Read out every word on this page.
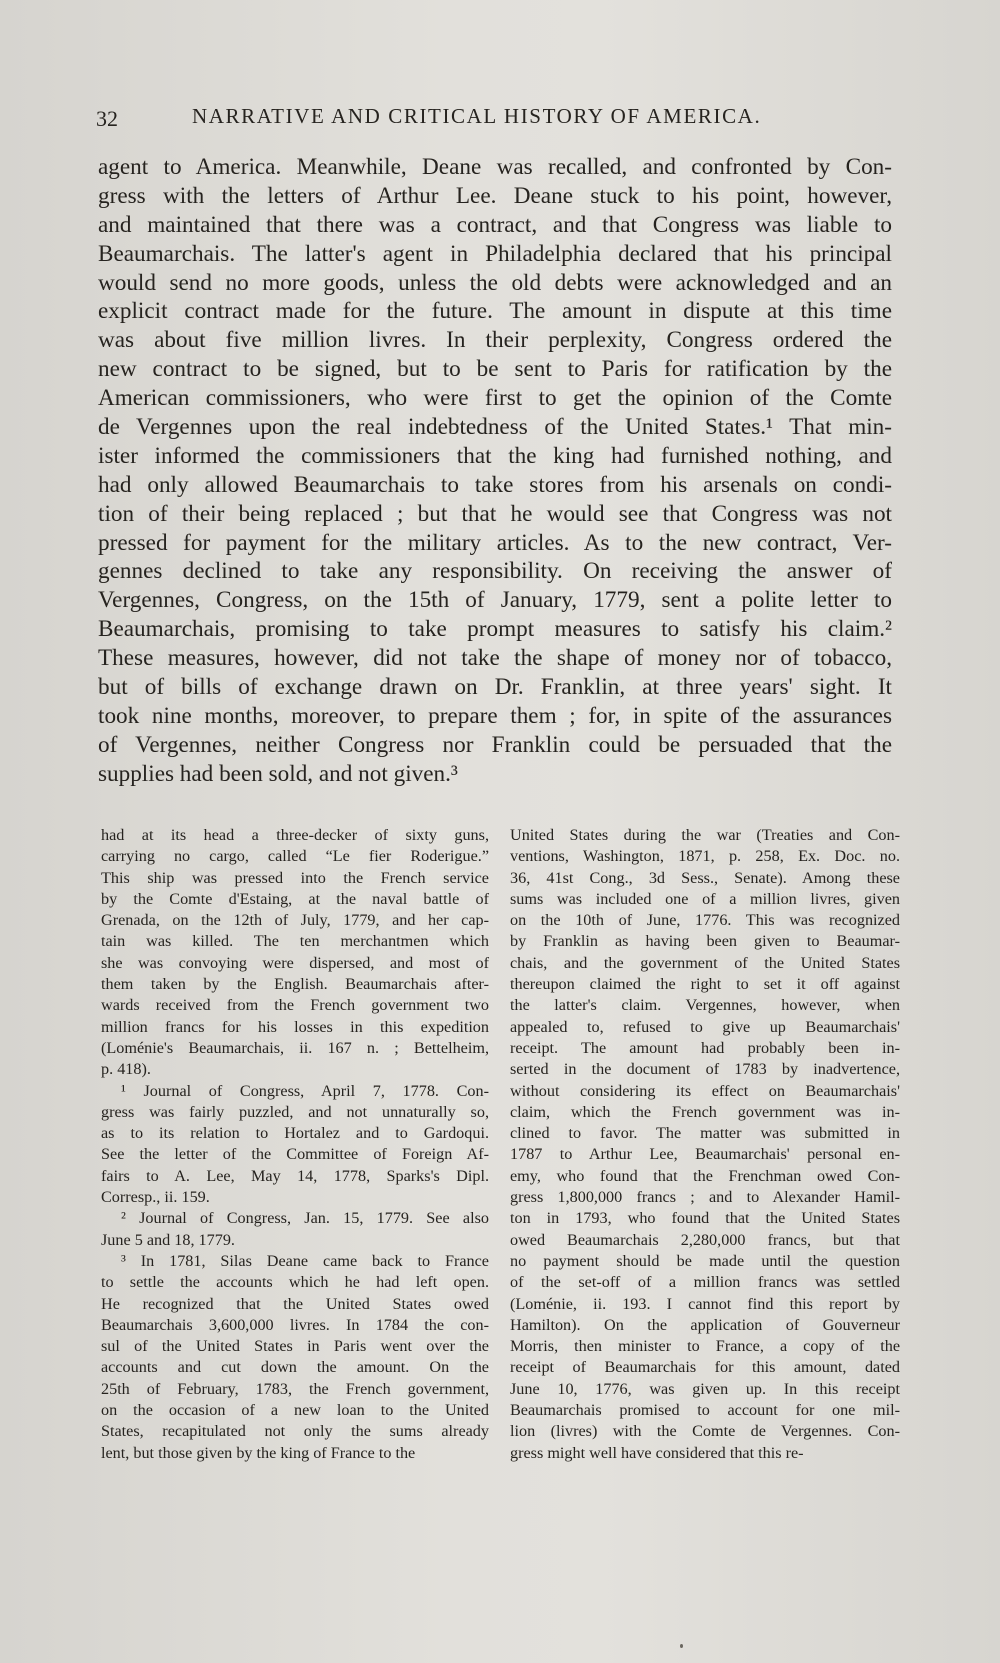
32	NARRATIVE AND CRITICAL HISTORY OF AMERICA.
agent to America. Meanwhile, Deane was recalled, and confronted by Con-
gress with the letters of Arthur Lee. Deane stuck to his point, however,
and maintained that there was a contract, and that Congress was liable to
Beaumarchais. The latter's agent in Philadelphia declared that his principal
would send no more goods, unless the old debts were acknowledged and an
explicit contract made for the future. The amount in dispute at this time
was about five million livres. In their perplexity, Congress ordered the
new contract to be signed, but to be sent to Paris for ratification by the
American commissioners, who were first to get the opinion of the Comte
de Vergennes upon the real indebtedness of the United States.¹ That min-
ister informed the commissioners that the king had furnished nothing, and
had only allowed Beaumarchais to take stores from his arsenals on condi-
tion of their being replaced ; but that he would see that Congress was not
pressed for payment for the military articles. As to the new contract, Ver-
gennes declined to take any responsibility. On receiving the answer of
Vergennes, Congress, on the 15th of January, 1779, sent a polite letter to
Beaumarchais, promising to take prompt measures to satisfy his claim.²
These measures, however, did not take the shape of money nor of tobacco,
but of bills of exchange drawn on Dr. Franklin, at three years' sight. It
took nine months, moreover, to prepare them ; for, in spite of the assurances
of Vergennes, neither Congress nor Franklin could be persuaded that the
supplies had been sold, and not given.³
had at its head a three-decker of sixty guns,
carrying no cargo, called “Le fier Roderigue.”
This ship was pressed into the French service
by the Comte d'Estaing, at the naval battle of
Grenada, on the 12th of July, 1779, and her cap-
tain was killed. The ten merchantmen which
she was convoying were dispersed, and most of
them taken by the English. Beaumarchais after-
wards received from the French government two
million francs for his losses in this expedition
(Loménie's Beaumarchais, ii. 167 n. ; Bettelheim,
p. 418).
¹ Journal of Congress, April 7, 1778. Con-
gress was fairly puzzled, and not unnaturally so,
as to its relation to Hortalez and to Gardoqui.
See the letter of the Committee of Foreign Af-
fairs to A. Lee, May 14, 1778, Sparks's Dipl.
Corresp., ii. 159.
² Journal of Congress, Jan. 15, 1779. See also
June 5 and 18, 1779.
³ In 1781, Silas Deane came back to France
to settle the accounts which he had left open.
He recognized that the United States owed
Beaumarchais 3,600,000 livres. In 1784 the con-
sul of the United States in Paris went over the
accounts and cut down the amount. On the
25th of February, 1783, the French government,
on the occasion of a new loan to the United
States, recapitulated not only the sums already
lent, but those given by the king of France to the
United States during the war (Treaties and Con-
ventions, Washington, 1871, p. 258, Ex. Doc. no.
36, 41st Cong., 3d Sess., Senate). Among these
sums was included one of a million livres, given
on the 10th of June, 1776. This was recognized
by Franklin as having been given to Beaumar-
chais, and the government of the United States
thereupon claimed the right to set it off against
the latter's claim. Vergennes, however, when
appealed to, refused to give up Beaumarchais'
receipt. The amount had probably been in-
serted in the document of 1783 by inadvertence,
without considering its effect on Beaumarchais'
claim, which the French government was in-
clined to favor. The matter was submitted in
1787 to Arthur Lee, Beaumarchais' personal en-
emy, who found that the Frenchman owed Con-
gress 1,800,000 francs ; and to Alexander Hamil-
ton in 1793, who found that the United States
owed Beaumarchais 2,280,000 francs, but that
no payment should be made until the question
of the set-off of a million francs was settled
(Loménie, ii. 193. I cannot find this report by
Hamilton). On the application of Gouverneur
Morris, then minister to France, a copy of the
receipt of Beaumarchais for this amount, dated
June 10, 1776, was given up. In this receipt
Beaumarchais promised to account for one mil-
lion (livres) with the Comte de Vergennes. Con-
gress might well have considered that this re-
